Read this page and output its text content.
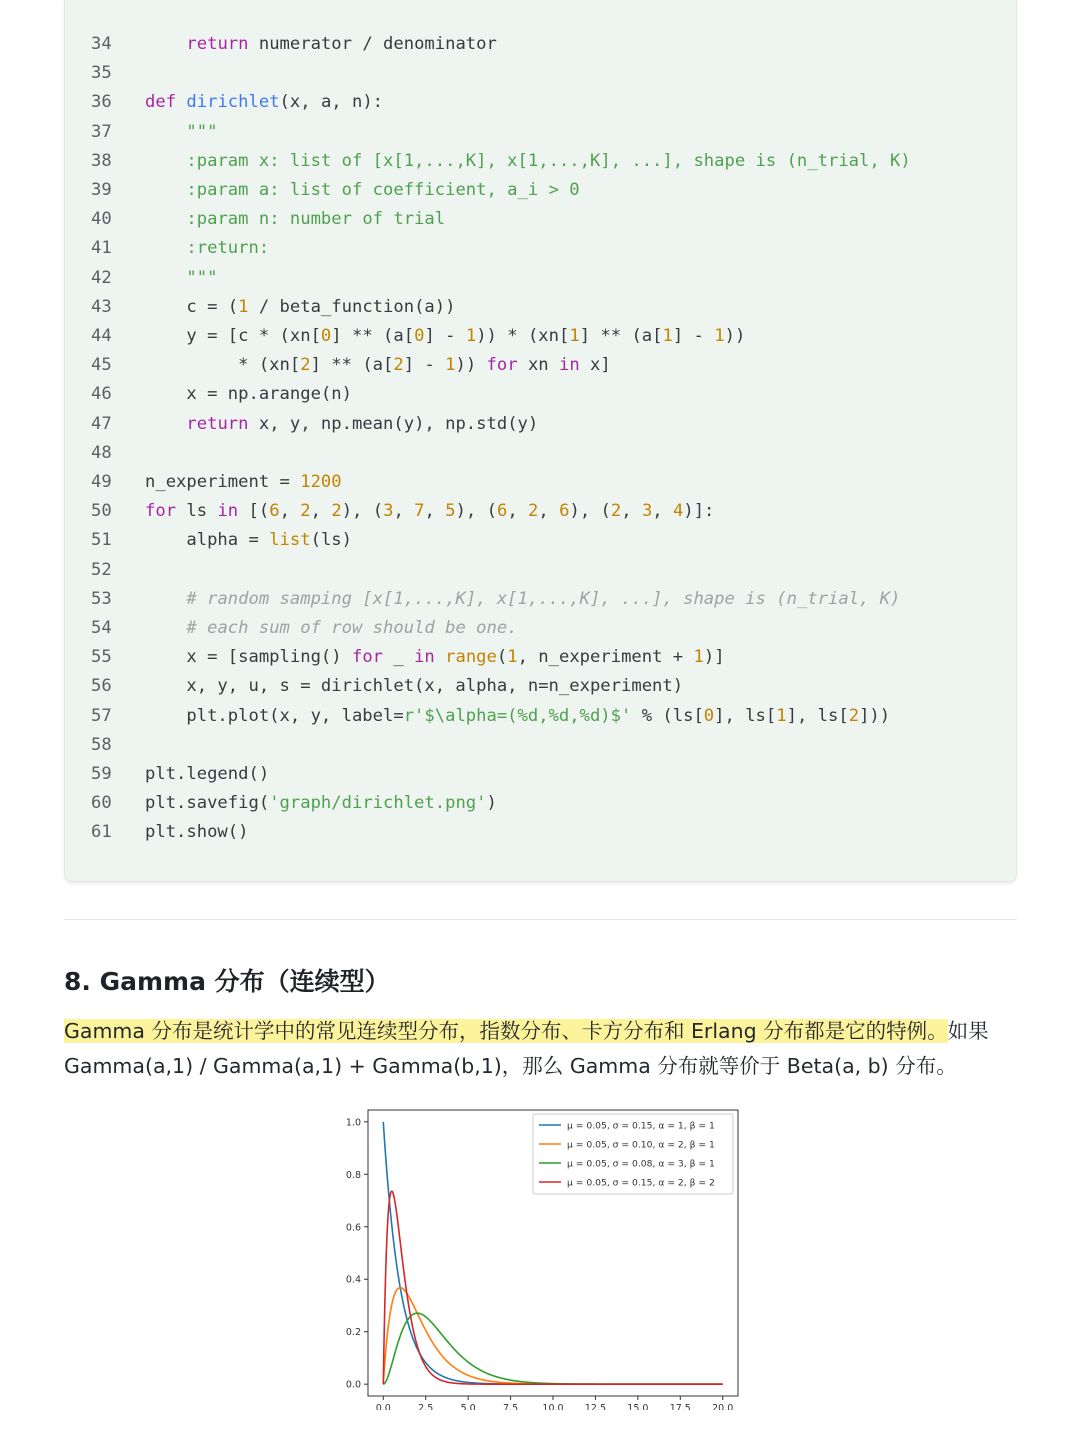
34	return numerator / denominator
35
36	def dirichlet(x, a, n):
37	"""
38	:param x: list of [x[1,...,K], x[1,...,K], ...], shape is (n_trial, K)
39	:param a: list of coefficient, a_i > 0
40	:param n: number of trial
41	:return:
42	"""
43	c = (1 / beta_function(a))
44	y = [c * (xn[0] ** (a[0] - 1)) * (xn[1] ** (a[1] - 1))
45	* (xn[2] ** (a[2] - 1)) for xn in x]
46	x = np.arange(n)
47	return x, y, np.mean(y), np.std(y)
48
49	n_experiment = 1200
50	for ls in [(6, 2, 2), (3, 7, 5), (6, 2, 6), (2, 3, 4)]:
51	alpha = list(ls)
52
53	# random samping [x[1,...,K], x[1,...,K], ...], shape is (n_trial, K)
54	# each sum of row should be one.
55	x = [sampling() for _ in range(1, n_experiment + 1)]
56	x, y, u, s = dirichlet(x, alpha, n=n_experiment)
57	plt.plot(x, y, label=r'$\alpha=(%d,%d,%d)$' % (ls[0], ls[1], ls[2]))
58
59	plt.legend()
60	plt.savefig('graph/dirichlet.png')
61	plt.show()
8. Gamma 分布（连续型）

Gamma 分布是统计学中的常见连续型分布，指数分布、卡方分布和 Erlang 分布都是它的特例。如果 Gamma(a,1) / Gamma(a,1) + Gamma(b,1)，那么 Gamma 分布就等价于 Beta(a, b) 分布。

0.0
0.2
0.4
0.6
0.8
1.0
0.0	2.5	5.0	7.5	10.0 12.5 15.0 17.5 20.0
μ = 0.05, σ = 0.15, α = 1, β = 1
μ = 0.05, σ = 0.10, α = 2, β = 1
μ = 0.05, σ = 0.08, α = 3, β = 1
μ = 0.05, σ = 0.15, α = 2, β = 2
